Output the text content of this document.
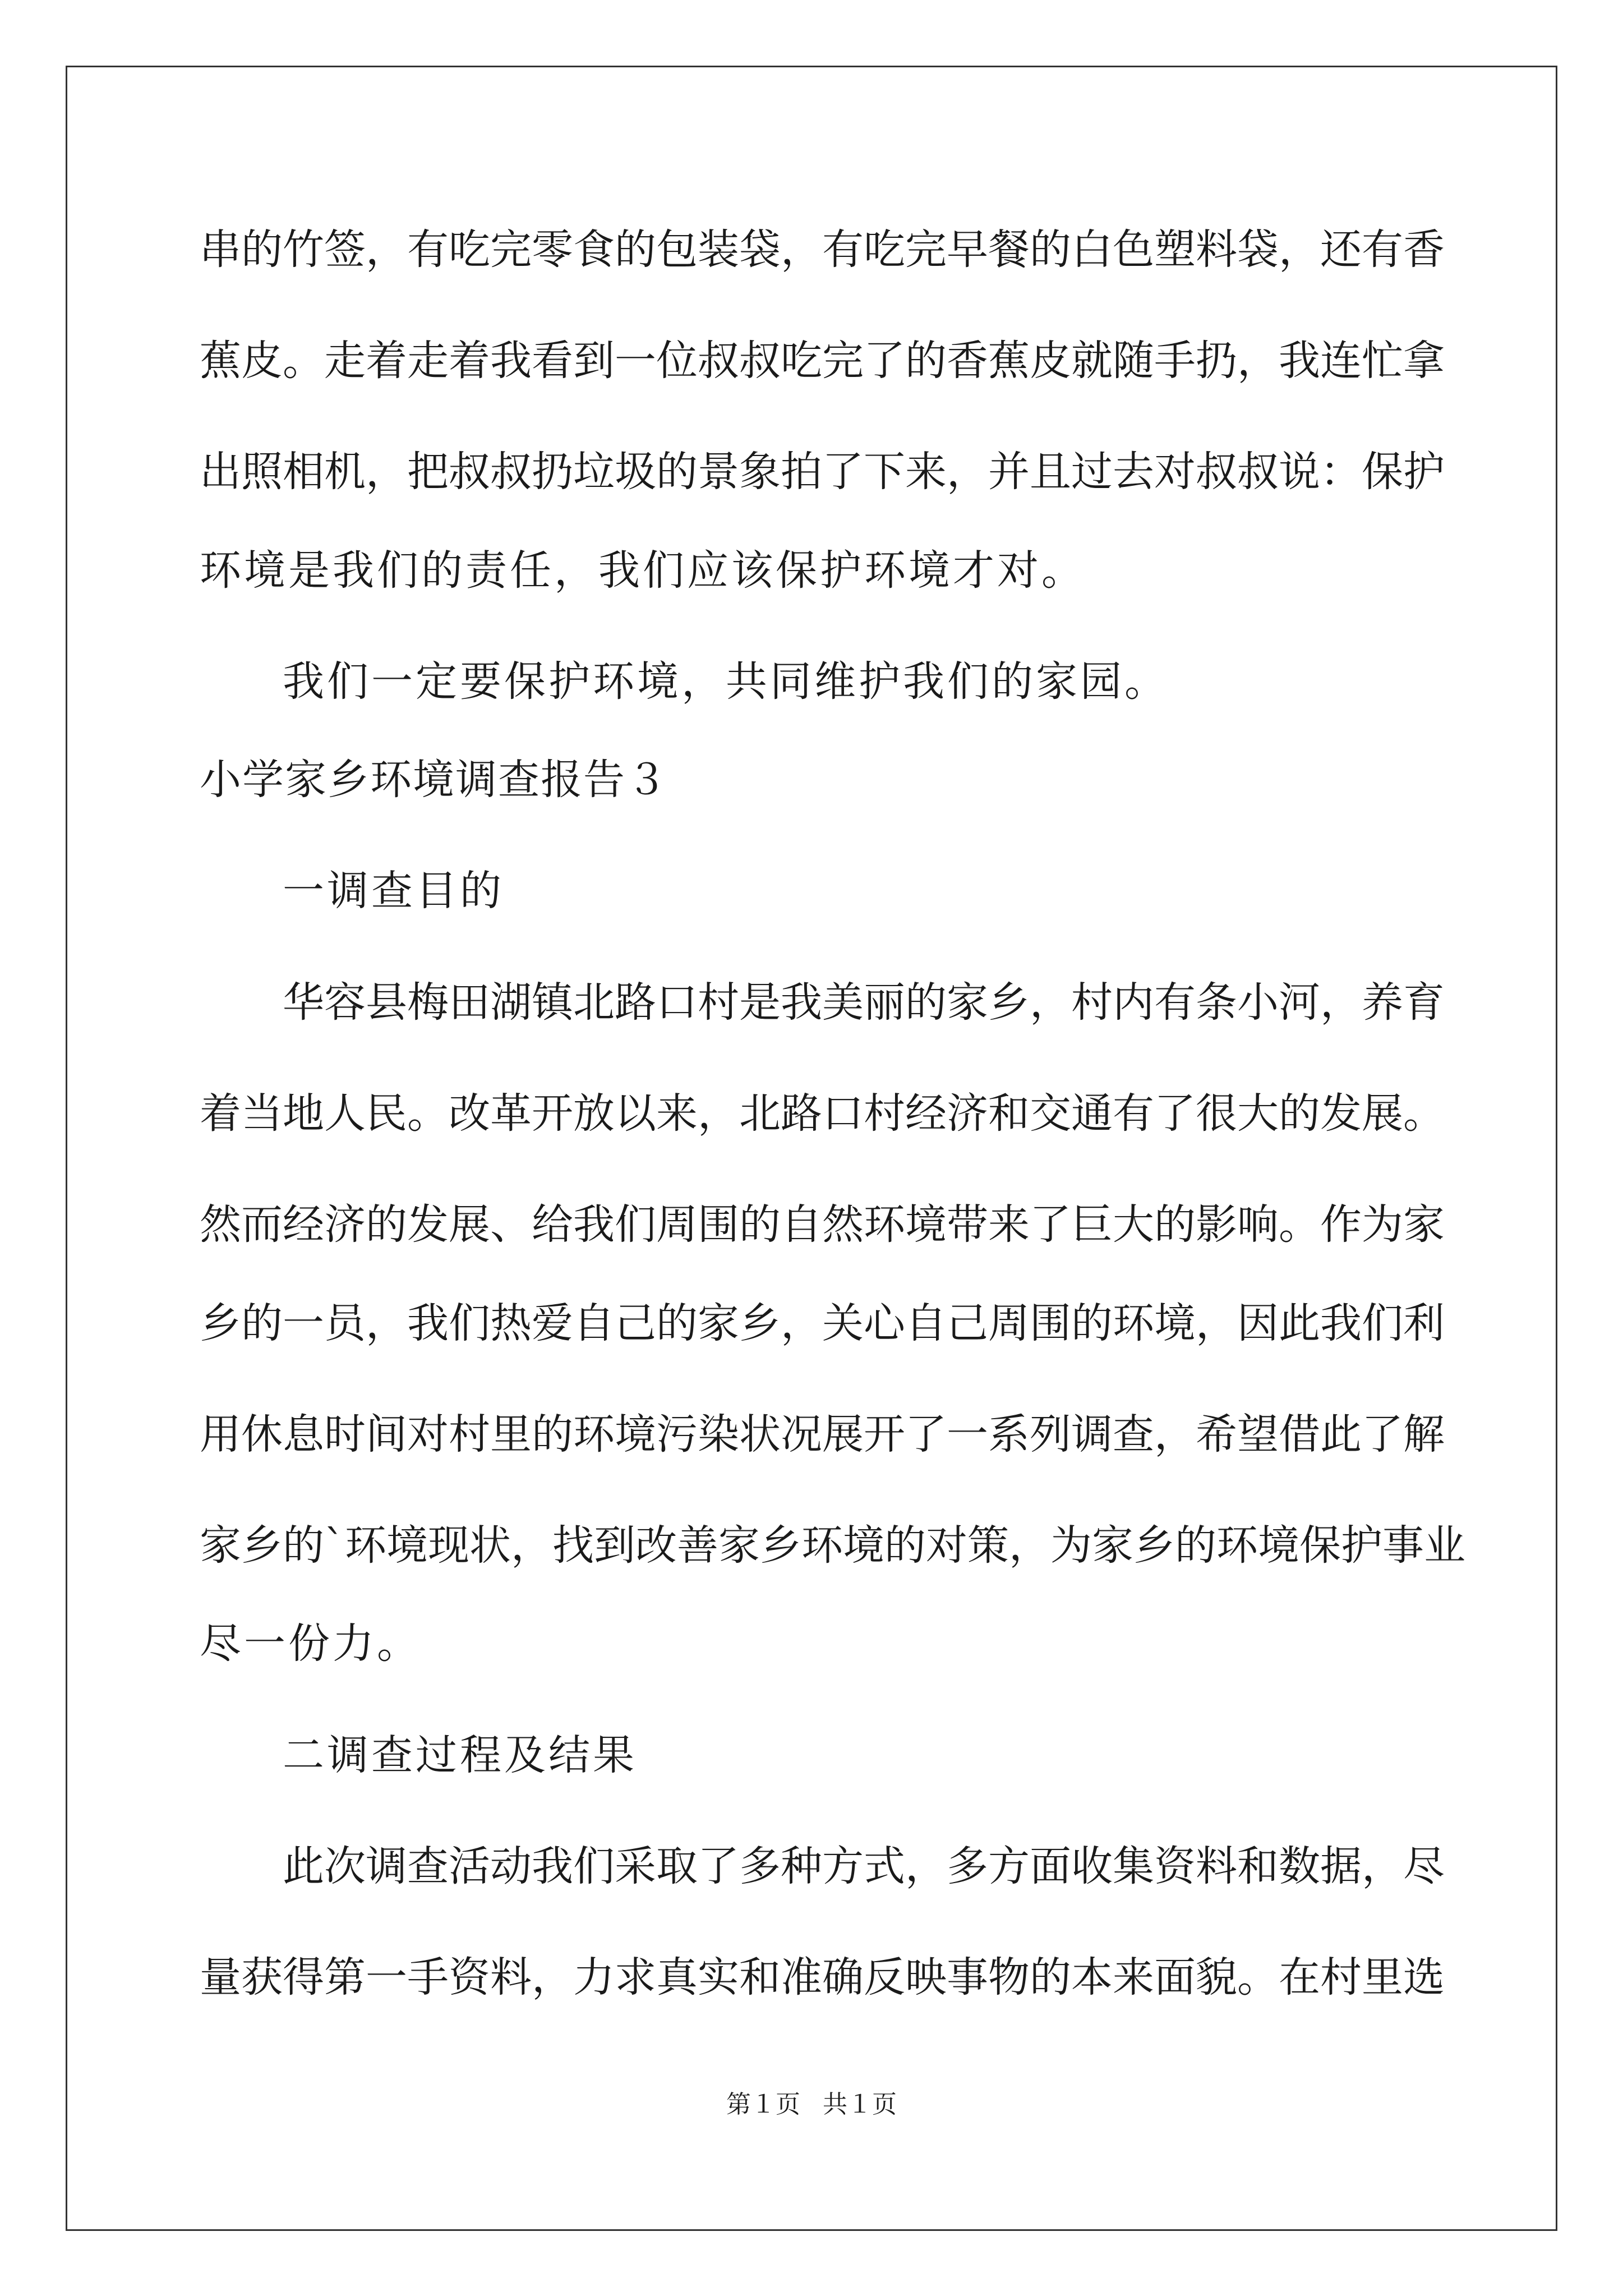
串的竹签，有吃完零食的包装袋，有吃完早餐的白色塑料袋，还有香
蕉皮。走着走着我看到一位叔叔吃完了的香蕉皮就随手扔，我连忙拿
出照相机，把叔叔扔垃圾的景象拍了下来，并且过去对叔叔说：保护
环境是我们的责任，我们应该保护环境才对。
我们一定要保护环境，共同维护我们的家园。
小学家乡环境调查报告３
一调查目的
华容县梅田湖镇北路口村是我美丽的家乡，村内有条小河，养育
着当地人民。改革开放以来，北路口村经济和交通有了很大的发展。
然而经济的发展、给我们周围的自然环境带来了巨大的影响。作为家
乡的一员，我们热爱自己的家乡，关心自己周围的环境，因此我们利
用休息时间对村里的环境污染状况展开了一系列调查，希望借此了解
家乡的`环境现状，找到改善家乡环境的对策，为家乡的环境保护事业
尽一份力。
二调查过程及结果
此次调查活动我们采取了多种方式，多方面收集资料和数据，尽
量获得第一手资料，力求真实和准确反映事物的本来面貌。在村里选
第１页 共１页
